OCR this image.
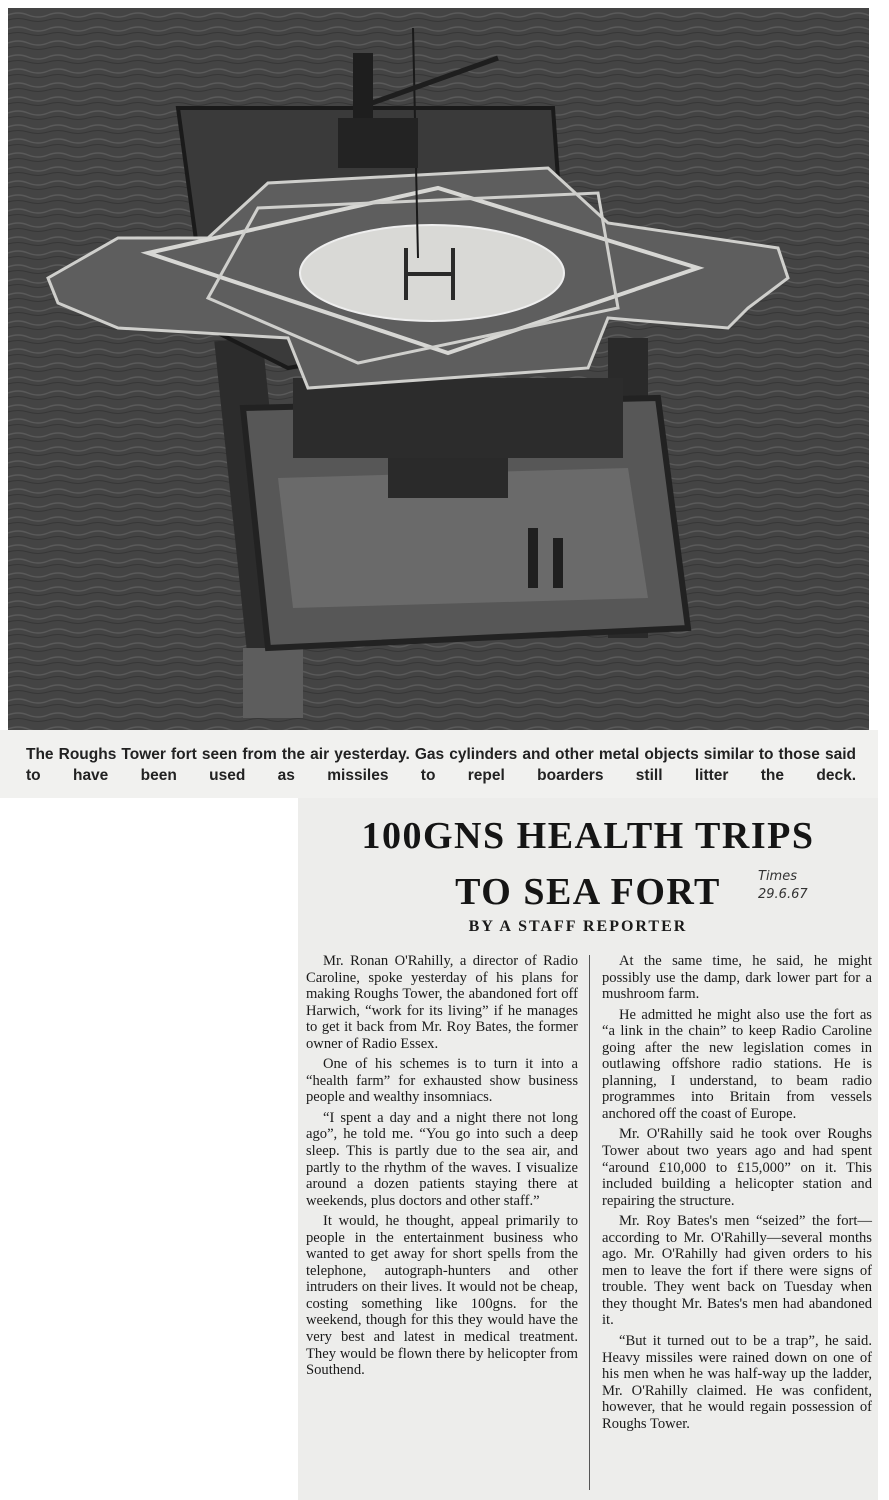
The Roughs Tower fort seen from the air yesterday. Gas cylinders and other metal objects similar to those said to have been used as missiles to repel boarders still litter the deck.
100GNS HEALTH TRIPS
TO SEA FORT	Times
29.6.67
BY A STAFF REPORTER

Mr. Ronan O'Rahilly, a director of Radio Caroline, spoke yesterday of his plans for making Roughs Tower, the abandoned fort off Harwich, “work for its living” if he manages to get it back from Mr. Roy Bates, the former owner of Radio Essex.

One of his schemes is to turn it into a “health farm” for exhausted show business people and wealthy insomniacs.

“I spent a day and a night there not long ago”, he told me. “You go into such a deep sleep. This is partly due to the sea air, and partly to the rhythm of the waves. I visualize around a dozen patients staying there at weekends, plus doctors and other staff.”

It would, he thought, appeal primarily to people in the entertainment business who wanted to get away for short spells from the telephone, autograph-hunters and other intruders on their lives. It would not be cheap, costing something like 100gns. for the weekend, though for this they would have the very best and latest in medical treatment. They would be flown there by helicopter from Southend.

At the same time, he said, he might possibly use the damp, dark lower part for a mushroom farm.

He admitted he might also use the fort as “a link in the chain” to keep Radio Caroline going after the new legislation comes in outlawing offshore radio stations. He is planning, I understand, to beam radio programmes into Britain from vessels anchored off the coast of Europe.

Mr. O'Rahilly said he took over Roughs Tower about two years ago and had spent “around £10,000 to £15,000” on it. This included building a helicopter station and repairing the structure.

Mr. Roy Bates's men “seized” the fort—according to Mr. O'Rahilly—several months ago. Mr. O'Rahilly had given orders to his men to leave the fort if there were signs of trouble. They went back on Tuesday when they thought Mr. Bates's men had abandoned it.

“But it turned out to be a trap”, he said. Heavy missiles were rained down on one of his men when he was half-way up the ladder, Mr. O'Rahilly claimed. He was confident, however, that he would regain possession of Roughs Tower.
